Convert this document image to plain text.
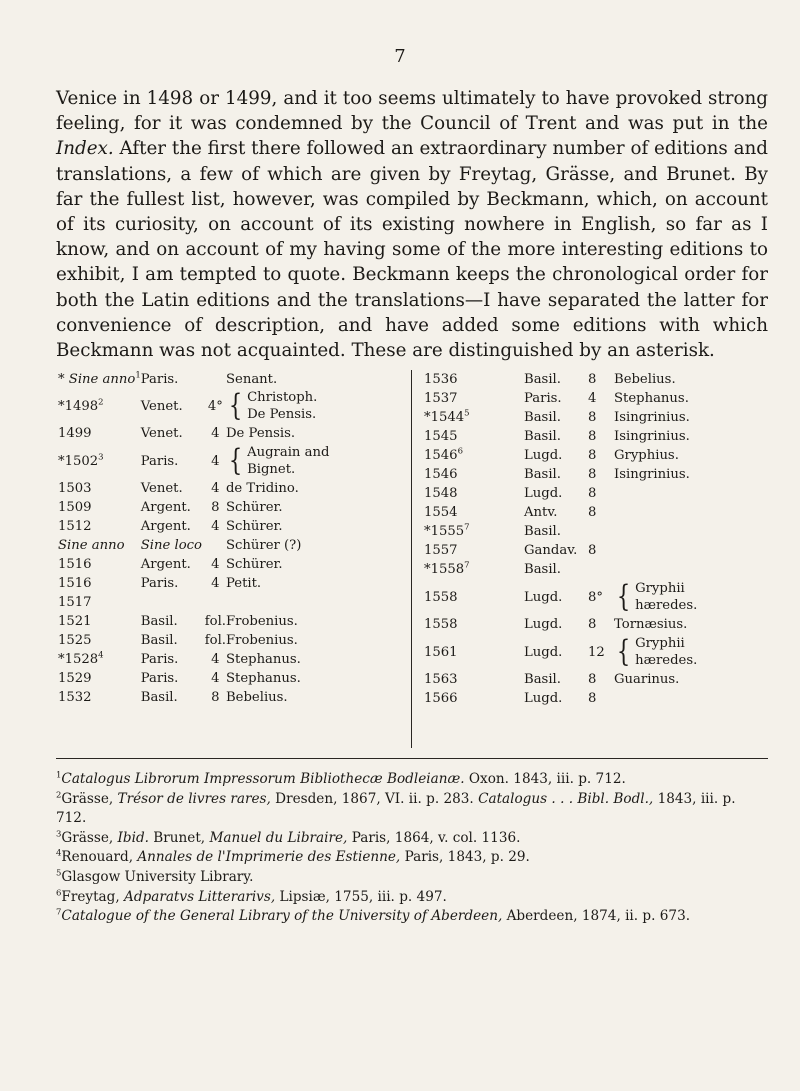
7

Venice in 1498 or 1499, and it too seems ultimately to have provoked strong feeling, for it was condemned by the Council of Trent and was put in the Index. After the first there followed an extraordinary number of editions and translations, a few of which are given by Freytag, Grässe, and Brunet. By far the fullest list, however, was compiled by Beckmann, which, on account of its curiosity, on account of its existing nowhere in English, so far as I know, and on account of my having some of the more interesting editions to exhibit, I am tempted to quote. Beckmann keeps the chronological order for both the Latin editions and the translations—I have separated the latter for convenience of description, and have added some editions with which Beckmann was not acquainted. These are distinguished by an asterisk.

* Sine anno$^1$	Paris.		Senant.
*1498$^2$	Venet.	4°	{ Christoph.
De Pensis.

1499	Venet.	4	De Pensis.
*1502$^3$	Paris.	4	{ Augrain and
Bignet.

1503	Venet.	4	de Tridino.
1509	Argent.	8	Schürer.
1512	Argent.	4	Schürer.
Sine anno	Sine loco		Schürer (?)
1516	Argent.	4	Schürer.
1516	Paris.	4	Petit.
1517			
1521	Basil.	fol.	Frobenius.
1525	Basil.	fol.	Frobenius.
*1528$^4$	Paris.	4	Stephanus.
1529	Paris.	4	Stephanus.
1532	Basil.	8	Bebelius.
1536	Basil.	8	Bebelius.
1537	Paris.	4	Stephanus.
*1544$^5$	Basil.	8	Isingrinius.
1545	Basil.	8	Isingrinius.
1546$^6$	Lugd.	8	Gryphius.
1546	Basil.	8	Isingrinius.
1548	Lugd.	8	
1554	Antv.	8	
*1555$^7$	Basil.		
1557	Gandav.	8	
*1558$^7$	Basil.		
1558	Lugd.	8°	{ Gryphii
hæredes.

1558	Lugd.	8	Tornæsius.
1561	Lugd.	12	{ Gryphii
hæredes.

1563	Basil.	8	Guarinus.
1566	Lugd.	8	

$^1$Catalogus Librorum Impressorum Bibliothecæ Bodleianæ. Oxon. 1843, iii. p. 712.

$^2$Grässe, Trésor de livres rares, Dresden, 1867, VI. ii. p. 283. Catalogus . . . Bibl. Bodl., 1843, iii. p. 712.

$^3$Grässe, Ibid. Brunet, Manuel du Libraire, Paris, 1864, v. col. 1136.

$^4$Renouard, Annales de l'Imprimerie des Estienne, Paris, 1843, p. 29.

$^5$Glasgow University Library.

$^6$Freytag, Adparatvs Litterarivs, Lipsiæ, 1755, iii. p. 497.

$^7$Catalogue of the General Library of the University of Aberdeen, Aberdeen, 1874, ii. p. 673.
